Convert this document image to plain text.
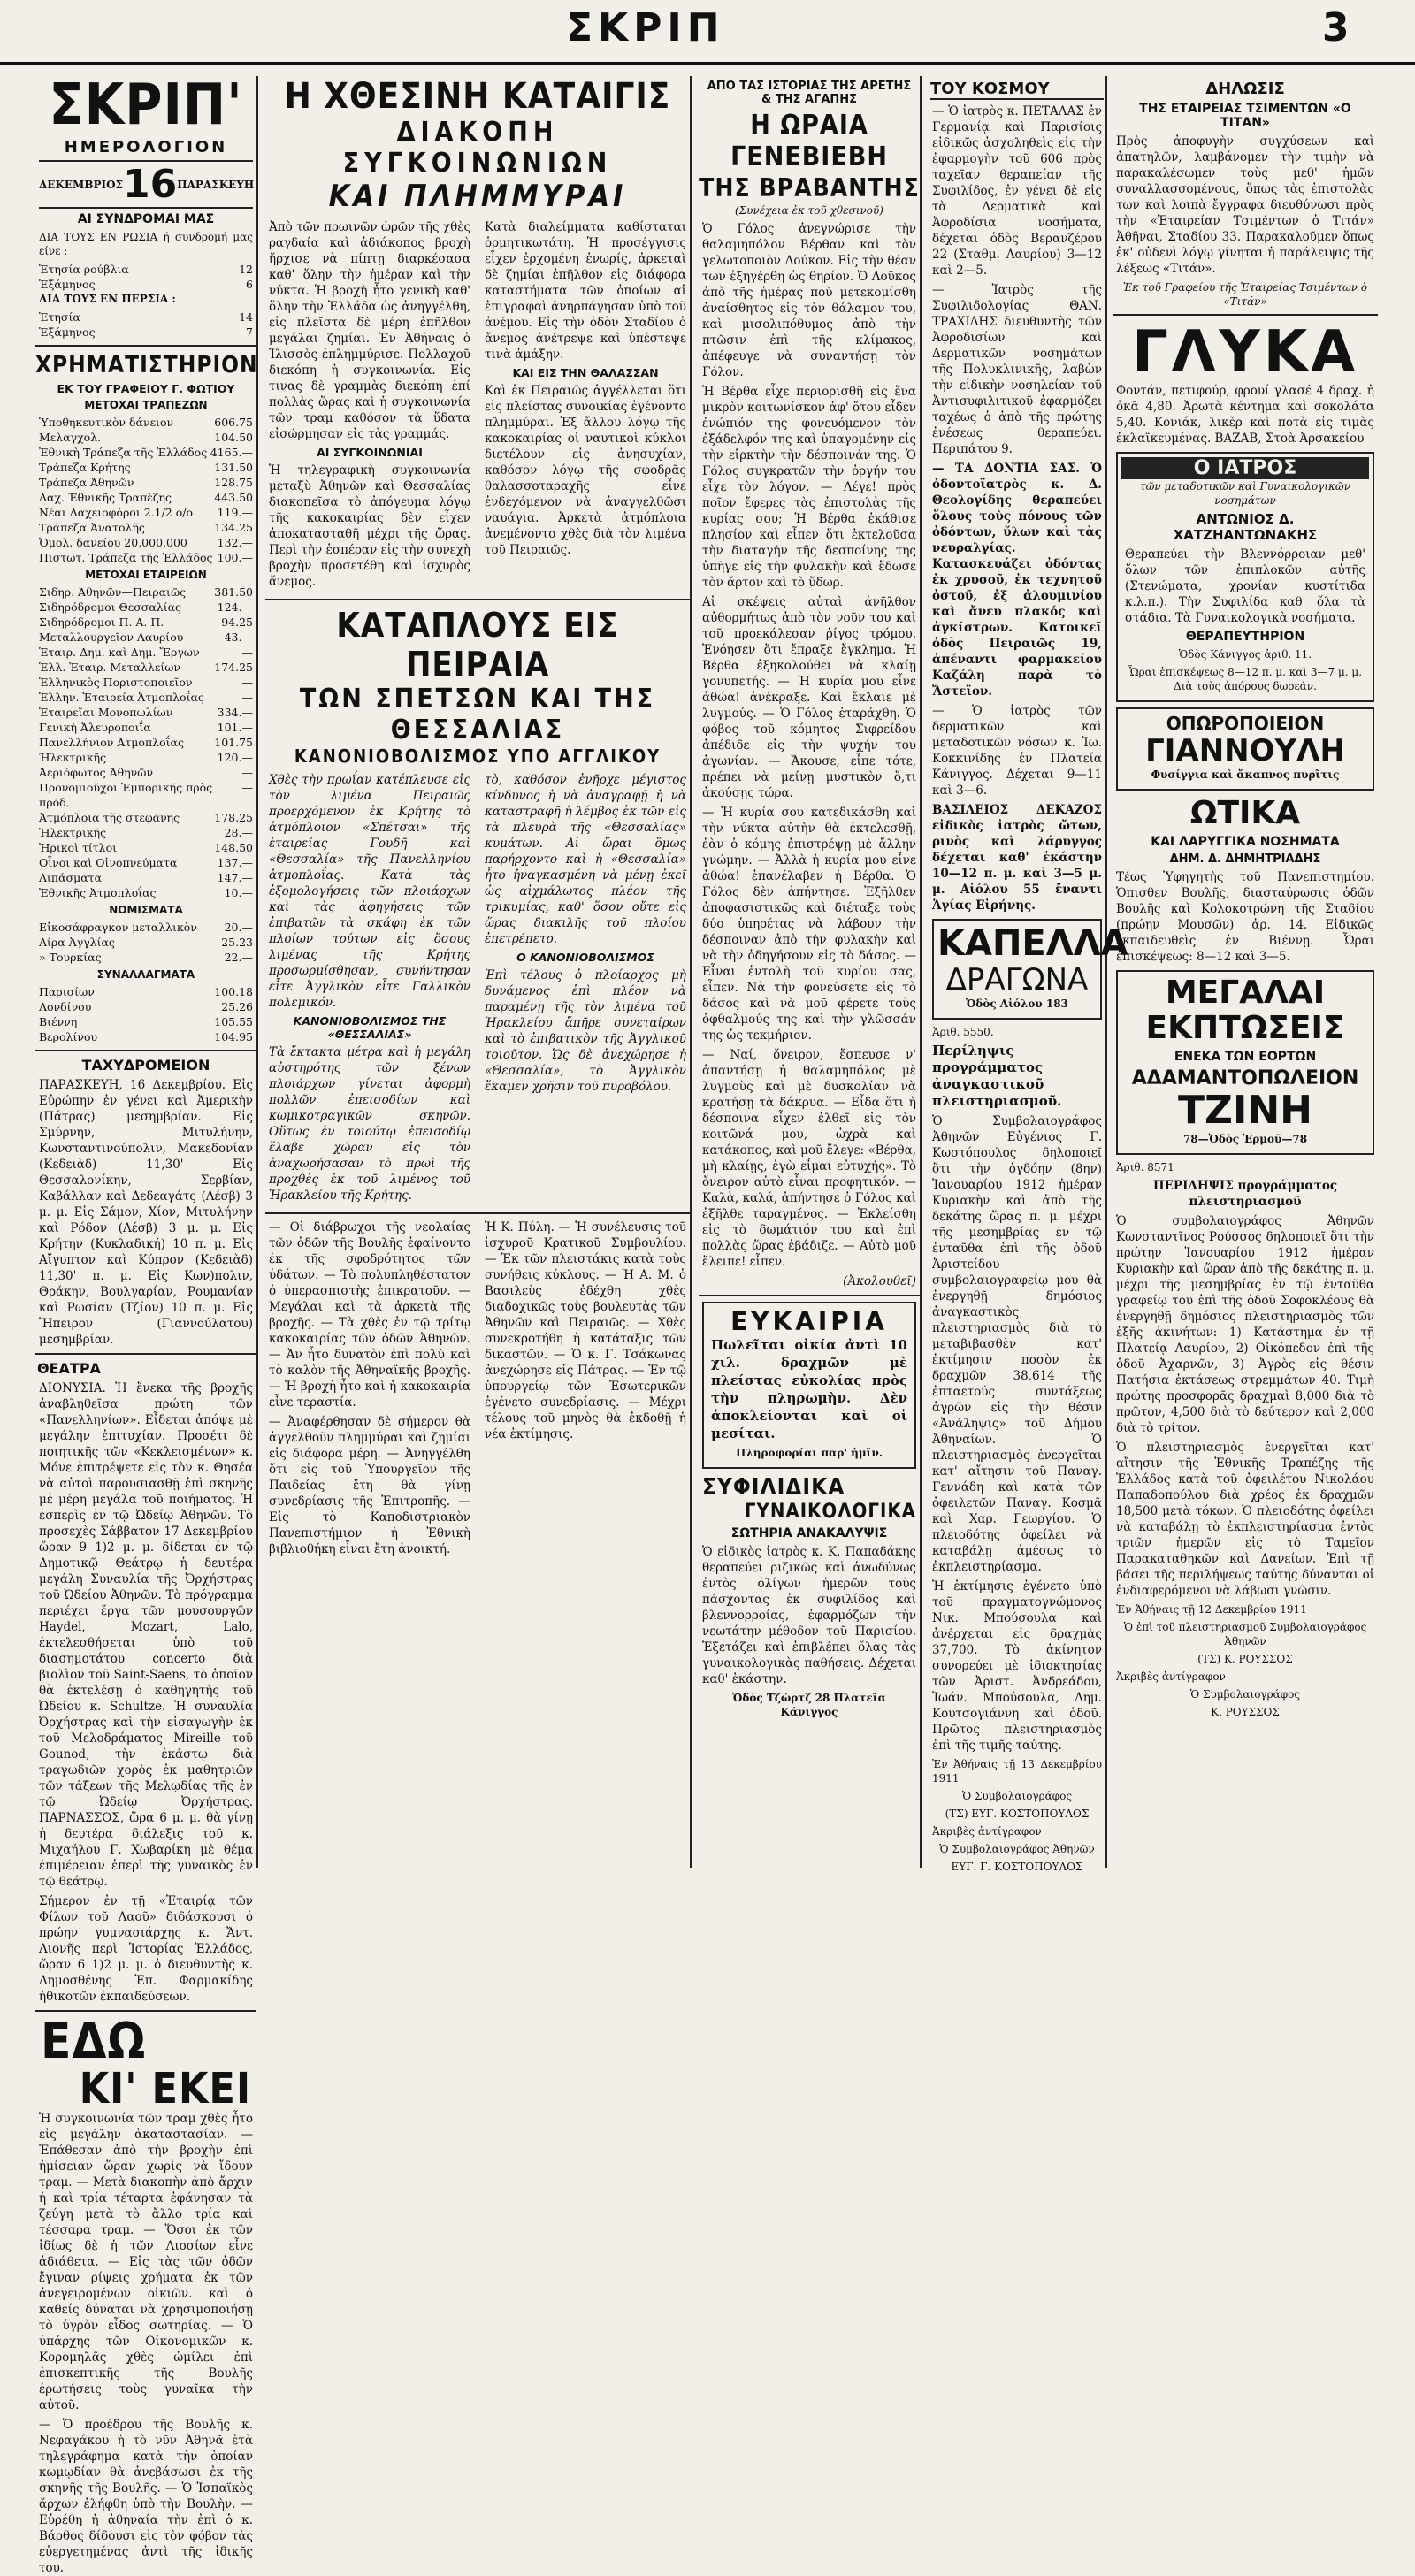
ΣΚΡΙΠ	3
ΣΚΡΙΠ'
ΗΜΕΡΟΛΟΓΙΟΝ
ΔΕΚΕΜΒΡΙΟΣ 16 ΠΑΡΑΣΚΕΥΗ
ΑΙ ΣΥΝΔΡΟΜΑΙ ΜΑΣ
ΔΙΑ ΤΟΥΣ ΕΝ ΡΩΣΙΑ ή συνδρομή μας είνε :
Ἑτησία ρούβλια	12
Ἑξάμηνος	6
ΔΙΑ ΤΟΥΣ ΕΝ ΠΕΡΣΙΑ :
Ἑτησία	14
Ἑξάμηνος	7
ΧΡΗΜΑΤΙΣΤΗΡΙΟΝ
ΕΚ ΤΟΥ ΓΡΑΦΕΙΟΥ Γ. ΦΩΤΙΟΥ
ΜΕΤΟΧΑΙ ΤΡΑΠΕΖΩΝ
Ὑποθηκευτικὸν δάνειον	606.75
Μελαγχολ.	104.50
Ἐθνικὴ Τράπεζα τῆς Ἑλλάδος 4165.—
Τράπεζα Κρήτης	131.50
Τράπεζα Ἀθηνῶν	128.75
Λαχ. Ἐθνικῆς Τραπέζης	443.50
Νέαι Λαχειοφόροι 2.1/2 ο/ο 119.—
Τράπεζα Ἀνατολῆς	134.25
Ὁμολ. δανείου 20,000,000	132.—
Πιστωτ. Τράπεζα τῆς Ἑλλάδος 100.—
ΜΕΤΟΧΑΙ ΕΤΑΙΡΕΙΩΝ
Σιδηρ. Ἀθηνῶν—Πειραιῶς	381.50
Σιδηρόδρομοι Θεσσαλίας	124.—
Σιδηρόδρομοι Π. Α. Π.	94.25
Μεταλλουργεῖον Λαυρίου	43.—
Ἑταιρ. Δημ. καὶ Δημ. Ἔργων	—
Ἑλλ. Ἑταιρ. Μεταλλείων	174.25
Ἑλληνικὸς Ποριστοποιεῖον	—
Ἑλλην. Ἑταιρεία Ἀτμοπλοΐας	—
Ἑταιρεῖαι Μονοπωλίων	334.—
Γενικὴ Ἀλευροποιΐα	101.—
Πανελλήνιον Ἀτμοπλοΐας	101.75
Ἠλεκτρικῆς	120.—
Ἀεριόφωτος Ἀθηνῶν	—
Προνομιοῦχοι Ἐμπορικῆς πρὸς πρόδ.
—
Ἀτμόπλοια τῆς στεφάνης	178.25
Ἠλεκτρικῆς	28.—
Ἠρικοὶ τίτλοι	148.50
Οἶνοι καὶ Οἰνοπνεύματα	137.—
Λιπάσματα	147.—
Ἐθνικῆς Ἀτμοπλοΐας	10.—
ΝΟΜΙΣΜΑΤΑ
Εἰκοσάφραγκον μεταλλικὸν 20.—
Λίρα Ἀγγλίας	25.23
» Τουρκίας	22.—
ΣΥΝΑΛΛΑΓΜΑΤΑ
Παρισίων	100.18
Λονδίνου	25.26
Βιέννη	105.55
Βερολίνου	104.95
ΤΑΧΥΔΡΟΜΕΙΟΝ
ΠΑΡΑΣΚΕΥΗ, 16 Δεκεμβρίου. Εἰς Εὐρώπην ἐν γένει καὶ Ἀμερικὴν (Πάτρας) μεσημβρίαν. Εἰς Σμύρνην, Μιτυλήνην, Κωνσταντινούπολιν, Μακεδονίαν (Κεδειὰδ) 11,30' Εἰς Θεσσαλονίκην, Σερβίαν, Καβάλλαν καὶ Δεδεαγάτς (Λέσβ) 3 μ. μ. Εἰς Σάμον, Χίον, Μιτυλήνην καὶ Ρόδον (Λέσβ) 3 μ. μ. Εἰς Κρήτην (Κυκλαδική) 10 π. μ. Εἰς Αἴγυπτον καὶ Κύπρον (Κεδειὰδ) 11,30' π. μ. Εἰς Κων)πολιν, Θράκην, Βουλγαρίαν, Ρουμανίαν καὶ Ρωσίαν (Τζίον) 10 π. μ. Εἰς Ἤπειρον (Γιαννούλατου) μεσημβρίαν.
ΘΕΑΤΡΑ
ΔΙΟΝΥΣΙΑ. Ἡ ἕνεκα τῆς βροχῆς ἀναβληθεῖσα πρώτη τῶν «Πανελληνίων». Εἶδεται ἀπόψε μὲ μεγάλην ἐπιτυχίαν. Προσέτι δὲ ποιητικῆς τῶν «Κεκλεισμένων» κ. Μόνε ἐπιτρέψετε εἰς τὸν κ. Θησέα νὰ αὐτοὶ παρουσιασθῇ ἐπὶ σκηνῆς μὲ μέρη μεγάλα τοῦ ποιήματος. Ἡ ἑσπερὶς ἐν τῷ Ὠδείῳ Ἀθηνῶν. Τὸ προσεχὲς Σάββατον 17 Δεκεμβρίου ὥραν 9 1)2 μ. μ. δίδεται ἐν τῷ Δημοτικῷ Θεάτρῳ ἡ δευτέρα μεγάλη Συναυλία τῆς Ὀρχήστρας τοῦ Ὠδείου Ἀθηνῶν. Τὸ πρόγραμμα περιέχει ἔργα τῶν μουσουργῶν Haydel, Mozart, Lalo, ἐκτελεσθήσεται ὑπὸ τοῦ διασημοτάτου concerto διὰ βιολὶον τοῦ Saint-Saens, τὸ ὁποῖον θὰ ἐκτελέσῃ ὁ καθηγητὴς τοῦ Ὠδείου κ. Schultze. Ἡ συναυλία Ὀρχήστρας καὶ τὴν εἰσαγωγὴν ἐκ τοῦ Μελοδράματος Mireille τοῦ Gounod, τὴν ἑκάστῳ διὰ τραγωδιῶν χορὸς ἐκ μαθητριῶν τῶν τάξεων τῆς Μελῳδίας τῆς ἐν τῷ Ὠδείῳ Ὀρχήστρας. ΠΑΡΝΑΣΣΟΣ, ὥρα 6 μ. μ. θὰ γίνῃ ἡ δευτέρα διάλεξις τοῦ κ. Μιχαήλου Γ. Χωβαρίκη μὲ θέμα ἐπιμέρειαν ἐπερὶ τῆς γυναικὸς ἐν τῷ θεάτρῳ.
Σήμερον ἐν τῇ «Ἑταιρίᾳ τῶν Φίλων τοῦ Λαοῦ» διδάσκουσι ὁ πρώην γυμνασιάρχης κ. Ἄντ. Λιονῆς περὶ Ἱστορίας Ἑλλάδος, ὥραν 6 1)2 μ. μ. ὁ διευθυντὴς κ. Δημοσθένης Ἐπ. Φαρμακίδης ἠθικοτῶν ἐκπαιδεύσεων.
ΕΔΩ
ΚΙ' ΕΚΕΙ
Ἡ συγκοινωνία τῶν τραμ χθὲς ἦτο εἰς μεγάλην ἀκαταστασίαν. — Ἐπάθεσαν ἀπὸ τὴν βροχὴν ἐπὶ ἡμίσειαν ὥραν χωρὶς νὰ ἴδουν τραμ. — Μετὰ διακοπὴν ἀπὸ ἄρχιν ἡ καὶ τρία τέταρτα ἐφάνησαν τὰ ζεύγη μετὰ τὸ ἄλλο τρία καὶ τέσσαρα τραμ. — Ὅσοι ἐκ τῶν ἰδίως δὲ ἡ τῶν Λιοσίων εἶνε ἀδιάθετα. — Εἰς τὰς τῶν ὁδῶν ἔγιναν ρίψεις χρήματα ἐκ τῶν ἀνεγειρομένων οἰκιῶν. καὶ ὁ καθείς δύναται νὰ χρησιμοποιήσῃ τὸ ὑγρὸν εἶδος σωτηρίας. — Ὁ ὑπάρχης τῶν Οἰκονομικῶν κ. Κορομηλᾶς χθὲς ὡμίλει ἐπὶ ἐπισκεπτικῆς τῆς Βουλῆς ἐρωτήσεις τοὺς γυναῖκα τὴν αὐτοῦ.
— Ὁ προέδρου τῆς Βουλῆς κ. Νεφαγάκου ἡ τὸ νῦν Ἀθηνᾶ ἐτὰ τηλεγράφημα κατὰ τὴν ὁποίαν κωμῳδίαν θὰ ἀνεβάσωσι ἐκ τῆς σκηνῆς τῆς Βουλῆς. — Ὁ Ἰσπαϊκὸς ἄρχων ἐλήφθη ὑπὸ τὴν Βουλὴν. — Εὑρέθη ἡ ἀθηναία τὴν ἐπὶ ὁ κ. Βάρθος δίδουσι εἰς τὸν φόβον τὰς εὐεργετημένας ἀντὶ τῆς ἰδικῆς του.
Η ΧΘΕΣΙΝΗ ΚΑΤΑΙΓΙΣ
ΔΙΑΚΟΠΗ ΣΥΓΚΟΙΝΩΝΙΩΝ
ΚΑΙ ΠΛΗΜΜΥΡΑΙ
Ἀπὸ τῶν πρωινῶν ὡρῶν τῆς χθὲς ραγδαία καὶ ἀδιάκοπος βροχὴ ἤρχισε νὰ πίπτῃ διαρκέσασα καθ' ὅλην τὴν ἡμέραν καὶ τὴν νύκτα. Ἡ βροχὴ ἦτο γενικὴ καθ' ὅλην τὴν Ἑλλάδα ὡς ἀνηγγέλθη, εἰς πλεῖστα δὲ μέρη ἐπῆλθον μεγάλαι ζημίαι. Ἐν Ἀθήναις ὁ Ἰλισσὸς ἐπλημμύρισε. Πολλαχοῦ διεκόπη ἡ συγκοινωνία. Εἰς τινας δὲ γραμμὰς διεκόπη ἐπί πολλὰς ὥρας καὶ ἡ συγκοινωνία τῶν τραμ καθόσον τὰ ὕδατα εἰσώρμησαν εἰς τὰς γραμμάς.
ΑΙ ΣΥΓΚΟΙΝΩΝΙΑΙ
Ἡ τηλεγραφικὴ συγκοινωνία μεταξὺ Ἀθηνῶν καὶ Θεσσαλίας διακοπεῖσα τὸ ἀπόγευμα λόγῳ τῆς κακοκαιρίας δὲν εἶχεν ἀποκατασταθῆ μέχρι τῆς ὥρας. Περὶ τὴν ἑσπέραν εἰς τὴν συνεχὴ βροχὴν προσετέθη καὶ ἰσχυρὸς ἄνεμος.
Κατὰ διαλείμματα καθίσταται ὁρμητικωτάτη. Ἡ προσέγγισις εἶχεν ἐρχομένη ἐνωρίς, ἀρκεταὶ δὲ ζημίαι ἐπῆλθον εἰς διάφορα καταστήματα τῶν ὁποίων αἱ ἐπιγραφαὶ ἀνηρπάγησαν ὑπὸ τοῦ ἀνέμου. Εἰς τὴν ὁδὸν Σταδίου ὁ ἄνεμος ἀνέτρεψε καὶ ὑπέστεψε τινὰ ἁμάξην.
ΚΑΙ ΕΙΣ ΤΗΝ ΘΑΛΑΣΣΑΝ
Καὶ ἐκ Πειραιῶς ἀγγέλλεται ὅτι εἰς πλείστας συνοικίας ἐγένοντο πλημμύραι. Ἐξ ἄλλου λόγῳ τῆς κακοκαιρίας οἱ ναυτικοὶ κύκλοι διετέλουν εἰς ἀνησυχίαν, καθόσον λόγῳ τῆς σφοδρᾶς θαλασσοταραχῆς εἶνε ἐνδεχόμενον νὰ ἀναγγελθῶσι ναυάγια. Ἀρκετὰ ἀτμόπλοια ἀνεμένοντο χθὲς διὰ τὸν λιμένα τοῦ Πειραιῶς.
ΚΑΤΑΠΛΟΥΣ ΕΙΣ ΠΕΙΡΑΙΑ
ΤΩΝ ΣΠΕΤΣΩΝ ΚΑΙ ΤΗΣ ΘΕΣΣΑΛΙΑΣ
ΚΑΝΟΝΙΟΒΟΛΙΣΜΟΣ ΥΠΟ ΑΓΓΛΙΚΟΥ
Χθὲς τὴν πρωΐαν κατέπλευσε εἰς τὸν λιμένα Πειραιῶς προερχόμενον ἐκ Κρήτης τὸ ἀτμόπλοιον «Σπέτσαι» τῆς ἑταιρείας Γουδῆ καὶ «Θεσσαλία» τῆς Πανελληνίου ἀτμοπλοΐας. Κατὰ τὰς ἐξομολογήσεις τῶν πλοιάρχων καὶ τὰς ἀφηγήσεις τῶν ἐπιβατῶν τὰ σκάφη ἐκ τῶν πλοίων τούτων εἰς ὅσους λιμένας τῆς Κρήτης προσωρμίσθησαν, συνήντησαν εἶτε Ἀγγλικὸν εἶτε Γαλλικὸν πολεμικόν.
ΚΑΝΟΝΙΟΒΟΛΙΣΜΟΣ ΤΗΣ «ΘΕΣΣΑΛΙΑΣ»
Τὰ ἔκτακτα μέτρα καὶ ἡ μεγάλη αὐστηρότης τῶν ξένων πλοιάρχων γίνεται ἀφορμὴ πολλῶν ἐπεισοδίων καὶ κωμικοτραγικῶν σκηνῶν. Οὕτως ἐν τοιούτῳ ἐπεισοδίῳ ἔλαβε χώραν εἰς τὸν ἀναχωρήσασαν τὸ πρωὶ τῆς προχθὲς ἐκ τοῦ λιμένος τοῦ Ἡρακλείου τῆς Κρήτης.
τὸ, καθόσον ἐνῆρχε μέγιστος κίνδυνος ἡ νὰ ἀναγραφῇ ἡ νὰ καταστραφῇ ἡ λέμβος ἐκ τῶν εἰς τὰ πλευρὰ τῆς «Θεσσαλίας» κυμάτων. Αἱ ὥραι ὅμως παρήρχοντο καὶ ἡ «Θεσσαλία» ἦτο ἠναγκασμένη νὰ μένῃ ἐκεῖ ὡς αἰχμάλωτος πλέον τῆς τρικυμίας, καθ' ὅσον οὔτε εἰς ὥρας διακιλῆς τοῦ πλοίου ἐπετρέπετο.
Ο ΚΑΝΟΝΙΟΒΟΛΙΣΜΟΣ
Ἐπὶ τέλους ὁ πλοίαρχος μὴ δυνάμενος ἐπὶ πλέον νὰ παραμένῃ τῆς τὸν λιμένα τοῦ Ἡρακλείου ἄπῆρε συνεταίρων καὶ τὸ ἐπιβατικὸν τῆς Ἀγγλικοῦ τοιοῦτον. Ὡς δὲ ἀνεχώρησε ἡ «Θεσσαλία», τὸ Ἀγγλικὸν ἔκαμεν χρῆσιν τοῦ πυροβόλου.
— Οἱ διάβρωχοι τῆς νεολαίας τῶν ὁδῶν τῆς Βουλῆς ἐφαίνοντο ἐκ τῆς σφοδρότητος τῶν ὑδάτων. — Τὸ πολυπληθέστατον ὁ ὑπερασπιστὴς ἐπικρατοῦν. — Μεγάλαι καὶ τὰ ἀρκετὰ τῆς βροχῆς. — Τὰ χθὲς ἐν τῷ τρίτῳ κακοκαιρίας τῶν ὁδῶν Ἀθηνῶν. — Ἀν ἦτο δυνατὸν ἐπὶ πολὺ καὶ τὸ καλὸν τῆς Ἀθηναϊκῆς βροχῆς. — Ἡ βροχὴ ἦτο καὶ ἡ κακοκαιρία εἶνε τεραστία.
— Ἀναφέρθησαν δὲ σήμερον θὰ ἀγγελθοῦν πλημμύραι καὶ ζημίαι εἰς διάφορα μέρη. — Ἀνηγγέλθη ὅτι εἰς τοῦ Ὑπουργεῖον τῆς Παιδείας ἔτη θὰ γίνῃ συνεδρίασις τῆς Ἐπιτροπῆς. — Εἰς τὸ Καποδιστριακὸν Πανεπιστήμιον ἡ Ἐθνικὴ βιβλιοθήκη εἶναι ἔτη ἀνοικτή.
Ἡ Κ. Πύλη. — Ἡ συνέλευσις τοῦ ἱσχυροῦ Κρατικοῦ Συμβουλίου. — Ἐκ τῶν πλειστάκις κατὰ τοὺς συνήθεις κύκλους. — Ἡ Α. Μ. ὁ Βασιλεὺς ἐδέχθη χθὲς διαδοχικῶς τοὺς βουλευτὰς τῶν Ἀθηνῶν καὶ Πειραιῶς. — Χθὲς συνεκροτήθη ἡ κατάταξις τῶν δικαστῶν. — Ὁ κ. Γ. Τσάκωνας ἀνεχώρησε εἰς Πάτρας. — Ἐν τῷ ὑπουργείῳ τῶν Ἐσωτερικῶν ἐγένετο συνεδρίασις. — Μέχρι τέλους τοῦ μηνὸς θὰ ἐκδοθῇ ἡ νέα ἐκτίμησις.
ΑΠΟ ΤΑΣ ΙΣΤΟΡΙΑΣ ΤΗΣ ΑΡΕΤΗΣ & ΤΗΣ ΑΓΑΠΗΣ
Η ΩΡΑΙΑ ΓΕΝΕΒΙΕΒΗ
ΤΗΣ ΒΡΑΒΑΝΤΗΣ
(Συνέχεια ἐκ τοῦ χθεσινοῦ)
Ὁ Γόλος ἀνεγνώρισε τὴν θαλαμηπόλον Βέρθαν καὶ τὸν γελωτοποιὸν Λούκον. Εἰς τὴν θέαν των ἐξηγέρθη ὡς θηρίον. Ὁ Λοῦκος ἀπὸ τῆς ἡμέρας ποὺ μετεκομίσθη ἀναίσθητος εἰς τὸν θάλαμον του, καὶ μισολιπόθυμος ἀπὸ τὴν πτῶσιν ἐπὶ τῆς κλίμακος, ἀπέφευγε νὰ συναντήσῃ τὸν Γόλον.
Ἡ Βέρθα εἶχε περιορισθῆ εἰς ἕνα μικρὸν κοιτωνίσκον ἀφ' ὅτου εἶδεν ἐνώπιόν της φονευόμενον τὸν ἐξάδελφόν της καὶ ὑπαγομένην εἰς τὴν εἱρκτὴν τὴν δέσποινάν της. Ὁ Γόλος συγκρατῶν τὴν ὀργήν του εἶχε τὸν λόγον. — Λέγε! πρὸς ποῖον ἔφερες τὰς ἐπιστολὰς τῆς κυρίας σου; Ἡ Βέρθα ἐκάθισε πλησίον καὶ εἶπεν ὅτι ἐκτελοῦσα τὴν διαταγὴν τῆς δεσποίνης της ὑπῆγε εἰς τὴν φυλακὴν καὶ ἔδωσε τὸν ἄρτον καὶ τὸ ὕδωρ.
Αἱ σκέψεις αὐταὶ ἀνῆλθον αὐθορμήτως ἀπὸ τὸν νοῦν του καὶ τοῦ προεκάλεσαν ῥίγος τρόμου. Ἐνόησεν ὅτι ἔπραξε ἔγκλημα. Ἡ Βέρθα ἐξηκολούθει νὰ κλαίῃ γονυπετής. — Ἡ κυρία μου εἶνε ἀθώα! ἀνέκραξε. Καὶ ἔκλαιε μὲ λυγμούς. — Ὁ Γόλος ἐταράχθη. Ὁ φόβος τοῦ κόμητος Σιφρείδου ἀπέδιδε εἰς τὴν ψυχήν του ἀγωνίαν. — Ἄκουσε, εἶπε τότε, πρέπει νὰ μείνῃ μυστικὸν ὅ,τι ἀκούσῃς τώρα.
— Ἡ κυρία σου κατεδικάσθη καὶ τὴν νύκτα αὐτὴν θὰ ἐκτελεσθῇ, ἐὰν ὁ κόμης ἐπιστρέψῃ μὲ ἄλλην γνώμην. — Ἀλλὰ ἡ κυρία μου εἶνε ἀθώα! ἐπανέλαβεν ἡ Βέρθα. Ὁ Γόλος δὲν ἀπήντησε. Ἐξῆλθεν ἀποφασιστικῶς καὶ διέταξε τοὺς δύο ὑπηρέτας νὰ λάβουν τὴν δέσποιναν ἀπὸ τὴν φυλακὴν καὶ νὰ τὴν ὁδηγήσουν εἰς τὸ δάσος. — Εἶναι ἐντολὴ τοῦ κυρίου σας, εἶπεν. Νὰ τὴν φονεύσετε εἰς τὸ δάσος καὶ νὰ μοῦ φέρετε τοὺς ὀφθαλμούς της καὶ τὴν γλῶσσάν της ὡς τεκμήριον.
— Ναί, ὄνειρον, ἔσπευσε ν' ἀπαντήσῃ ἡ θαλαμηπόλος μὲ λυγμοὺς καὶ μὲ δυσκολίαν νὰ κρατήσῃ τὰ δάκρυα. — Εἶδα ὅτι ἡ δέσποινα εἶχεν ἐλθεῖ εἰς τὸν κοιτῶνά μου, ὡχρὰ καὶ κατάκοπος, καὶ μοῦ ἔλεγε: «Βέρθα, μὴ κλαίῃς, ἐγὼ εἶμαι εὐτυχής». Τὸ ὄνειρον αὐτὸ εἶναι προφητικόν. — Καλὰ, καλά, ἀπήντησε ὁ Γόλος καὶ ἐξῆλθε ταραγμένος. — Ἐκλείσθη εἰς τὸ δωμάτιόν του καὶ ἐπὶ πολλὰς ὥρας ἐβάδιζε. — Αὐτὸ μοῦ ἔλειπε! εἶπεν.
(Ἀκολουθεῖ)
ΕΥΚΑΙΡΙΑ
Πωλεῖται οἰκία ἀντὶ 10 χιλ. δραχμῶν μὲ πλείστας εὐκολίας πρὸς τὴν πληρωμὴν. Δὲν ἀποκλείονται καὶ οἱ μεσίται.
Πληροφορίαι παρ' ἡμῖν.
ΣΥΦΙΛΙΔΙΚΑ
ΓΥΝΑΙΚΟΛΟΓΙΚΑ
ΣΩΤΗΡΙΑ ΑΝΑΚΑΛΥΨΙΣ
Ὁ εἰδικὸς ἰατρὸς κ. Κ. Παπαδάκης θεραπεύει ριζικῶς καὶ ἀνωδύνως ἐντὸς ὀλίγων ἡμερῶν τοὺς πάσχοντας ἐκ συφιλίδος καὶ βλεννορροίας, ἐφαρμόζων τὴν νεωτάτην μέθοδον τοῦ Παρισίου. Ἐξετάζει καὶ ἐπιβλέπει ὅλας τὰς γυναικολογικὰς παθήσεις. Δέχεται καθ' ἑκάστην.
Ὁδὸς Τζώρτζ 28 Πλατεῖα Κάνιγγος
ΤΟΥ ΚΟΣΜΟΥ
— Ὁ ἰατρὸς κ. ΠΕΤΑΛΑΣ ἐν Γερμανίᾳ καὶ Παρισίοις εἰδικῶς ἀσχοληθεὶς εἰς τὴν ἐφαρμογὴν τοῦ 606 πρὸς ταχεῖαν θεραπείαν τῆς Συφιλίδος, ἐν γένει δὲ εἰς τὰ Δερματικὰ καὶ Ἀφροδίσια νοσήματα, δέχεται ὁδὸς Βερανζέρου 22 (Σταθμ. Λαυρίου) 3—12 καὶ 2—5.
— Ἰατρὸς τῆς Συφιλιδολογίας ΘΑΝ. ΤΡΑΧΙΛΗΣ διευθυντὴς τῶν Ἀφροδισίων καὶ Δερματικῶν νοσημάτων τῆς Πολυκλινικῆς, λαβὼν τὴν εἰδικὴν νοσηλείαν τοῦ Ἀντισυφιλιτικοῦ ἐφαρμόζει ταχέως ὁ ἀπὸ τῆς πρώτης ἐνέσεως θεραπεύει. Περιπάτου 9.
— ΤΑ ΔΟΝΤΙΑ ΣΑΣ. Ὁ ὀδοντοϊατρὸς κ. Δ. Θεολογίδης θεραπεύει ὅλους τοὺς πόνους τῶν ὀδόντων, ὕλων καὶ τὰς νευραλγίας. Κατασκευάζει ὀδόντας ἐκ χρυσοῦ, ἐκ τεχνητοῦ ὀστοῦ, ἐξ ἀλουμινίου καὶ ἄνευ πλακός καὶ ἀγκίστρων. Κατοικεῖ ὁδὸς Πειραιῶς 19, ἀπέναντι φαρμακείου Καζάλη παρὰ τὸ Ἄστεϊον.
— Ὁ ἰατρὸς τῶν δερματικῶν καὶ μεταδοτικῶν νόσων κ. Ἰω. Κοκκινίδης ἐν Πλατεία Κάνιγγος. Δέχεται 9—11 καὶ 3—6.
ΒΑΣΙΛΕΙΟΣ ΔΕΚΑΖΟΣ εἰδικὸς ἰατρὸς ὤτων, ρινὸς καὶ λάρυγγος δέχεται καθ' ἑκάστην 10—12 π. μ. καὶ 3—5 μ. μ. Αἰόλου 55 ἔναντι Ἁγίας Εἰρήνης.
ΚΑΠΕΛΛΑ
ΔΡΑΓΩΝΑ
Ὁδὸς Αἰόλου 183
Ἀριθ. 5550.
Περίληψις προγράμματος ἀναγκαστικοῦ πλειστηριασμοῦ.
Ὁ Συμβολαιογράφος Ἀθηνῶν Εὐγένιος Γ. Κωστόπουλος δηλοποιεῖ ὅτι τὴν ὀγδόην (8ην) Ἰανουαρίου 1912 ἡμέραν Κυριακὴν καὶ ἀπὸ τῆς δεκάτης ὥρας π. μ. μέχρι τῆς μεσημβρίας ἐν τῷ ἐνταῦθα ἐπὶ τῆς ὁδοῦ Ἀριστείδου συμβολαιογραφείῳ μου θὰ ἐνεργηθῇ δημόσιος ἀναγκαστικὸς πλειστηριασμὸς διὰ τὸ μεταβιβασθὲν κατ' ἐκτίμησιν ποσὸν ἐκ δραχμῶν 38,614 τῆς ἐπταετούς συντάξεως ἀγρῶν εἰς τὴν θέσιν «Ἀνάληψις» τοῦ Δήμου Ἀθηναίων. Ὁ πλειστηριασμὸς ἐνεργεῖται κατ' αἴτησιν τοῦ Παναγ. Γεννάδη καὶ κατὰ τῶν ὀφειλετῶν Παναγ. Κοσμᾶ καὶ Χαρ. Γεωργίου. Ὁ πλειοδότης ὀφείλει νὰ καταβάλῃ ἀμέσως τὸ ἐκπλειστηρίασμα.
Ἡ ἐκτίμησις ἐγένετο ὑπὸ τοῦ πραγματογνώμονος Νικ. Μπούσουλα καὶ ἀνέρχεται εἰς δραχμὰς 37,700. Τὸ ἀκίνητον συνορεύει μὲ ἰδιοκτησίας τῶν Ἀριστ. Ἀνδρεάδου, Ἰωάν. Μπούσουλα, Δημ. Κουτσογιάννη καὶ ὁδοῦ. Πρῶτος πλειστηριασμὸς ἐπὶ τῆς τιμῆς ταύτης.
Ἐν Ἀθήναις τῇ 13 Δεκεμβρίου 1911
Ὁ Συμβολαιογράφος
(ΤΣ) ΕΥΓ. ΚΟΣΤΟΠΟΥΛΟΣ
Ἀκριβὲς ἀντίγραφον
Ὁ Συμβολαιογράφος Ἀθηνῶν
ΕΥΓ. Γ. ΚΟΣΤΟΠΟΥΛΟΣ
ΔΗΛΩΣΙΣ
ΤΗΣ ΕΤΑΙΡΕΙΑΣ ΤΣΙΜΕΝΤΩΝ «Ο ΤΙΤΑΝ»
Πρὸς ἀποφυγὴν συγχύσεων καὶ ἀπατηλῶν, λαμβάνομεν τὴν τιμὴν νὰ παρακαλέσωμεν τοὺς μεθ' ἡμῶν συναλλασσομένους, ὅπως τὰς ἐπιστολὰς των καὶ λοιπὰ ἔγγραφα διευθύνωσι πρὸς τὴν «Ἑταιρείαν Τσιμέντων ὁ Τιτάν» Ἀθῆναι, Σταδίου 33. Παρακαλοῦμεν ὅπως ἐκ' οὐδενὶ λόγῳ γίνηται ἡ παράλειψις τῆς λέξεως «Τιτάν».
Ἐκ τοῦ Γραφείου τῆς Ἑταιρείας Τσιμέντων ὁ «Τιτάν»
ΓΛΥΚΑ
Φοντάν, πετιφούρ, φρουί γλασέ 4 δραχ. ἡ ὀκᾶ 4,80. Ἀρωτὰ κέντημα καὶ σοκολάτα 5,40. Κονιάκ, λικὲρ καὶ ποτὰ εἰς τιμὰς ἐκλαϊκευμένας. ΒΑΖΑΒ, Στοὰ Ἀρσακείου
Ο ΙΑΤΡΟΣ
τῶν μεταδοτικῶν καὶ Γυναικολογικῶν νοσημάτων
ΑΝΤΩΝΙΟΣ Δ. ΧΑΤΖΗΑΝΤΩΝΑΚΗΣ
Θεραπεύει τὴν Βλεννόρροιαν μεθ' ὅλων τῶν ἐπιπλοκῶν αὐτῆς (Στενώματα, χρονίαν κυστίτιδα κ.λ.π.). Τὴν Συφιλίδα καθ' ὅλα τὰ στάδια. Τὰ Γυναικολογικὰ νοσήματα.
ΘΕΡΑΠΕΥΤΗΡΙΟΝ
Ὁδὸς Κάνιγγος ἀριθ. 11.
Ὧραι ἐπισκέψεως 8—12 π. μ. καὶ 3—7 μ. μ. Διὰ τοὺς ἀπόρους δωρεάν.
ΟΠΩΡΟΠΟΙΕΙΟΝ
ΓΙΑΝΝΟΥΛΗ
Φυσίγγια καὶ ἄκαπνος πυρῖτις
ΩΤΙΚΑ
ΚΑΙ ΛΑΡΥΓΓΙΚΑ ΝΟΣΗΜΑΤΑ
ΔΗΜ. Δ. ΔΗΜΗΤΡΙΑΔΗΣ
Τέως Ὑφηγητὴς τοῦ Πανεπιστημίου. Ὁπισθεν Βουλῆς, διασταύρωσις ὁδῶν Βουλῆς καὶ Κολοκοτρώνη τῆς Σταδίου (πρώην Μουσῶν) ἀρ. 14. Εἰδικῶς ἐκπαιδευθεὶς ἐν Βιέννῃ. Ὧραι ἐπισκέψεως: 8—12 καὶ 3—5.
ΜΕΓΑΛΑΙ
ΕΚΠΤΩΣΕΙΣ
ΕΝΕΚΑ ΤΩΝ ΕΟΡΤΩΝ
ΑΔΑΜΑΝΤΟΠΩΛΕΙΟΝ
ΤΖΙΝΗ
78—Ὁδὸς Ἑρμοῦ—78
Ἀριθ. 8571
ΠΕΡΙΛΗΨΙΣ προγράμματος πλειστηριασμοῦ
Ὁ συμβολαιογράφος Ἀθηνῶν Κωνσταντῖνος Ρούσσος δηλοποιεῖ ὅτι τὴν πρώτην Ἰανουαρίου 1912 ἡμέραν Κυριακὴν καὶ ὥραν ἀπὸ τῆς δεκάτης π. μ. μέχρι τῆς μεσημβρίας ἐν τῷ ἐνταῦθα γραφείῳ του ἐπὶ τῆς ὁδοῦ Σοφοκλέους θὰ ἐνεργηθῇ δημόσιος πλειστηριασμὸς τῶν ἑξῆς ἀκινήτων: 1) Κατάστημα ἐν τῇ Πλατείᾳ Λαυρίου, 2) Οἰκόπεδον ἐπὶ τῆς ὁδοῦ Ἀχαρνῶν, 3) Ἀγρὸς εἰς θέσιν Πατήσια ἐκτάσεως στρεμμάτων 40. Τιμὴ πρώτης προσφορᾶς δραχμαὶ 8,000 διὰ τὸ πρῶτον, 4,500 διὰ τὸ δεύτερον καὶ 2,000 διὰ τὸ τρίτον.
Ὁ πλειστηριασμὸς ἐνεργεῖται κατ' αἴτησιν τῆς Ἐθνικῆς Τραπέζης τῆς Ἑλλάδος κατὰ τοῦ ὀφειλέτου Νικολάου Παπαδοπούλου διὰ χρέος ἐκ δραχμῶν 18,500 μετὰ τόκων. Ὁ πλειοδότης ὀφείλει νὰ καταβάλῃ τὸ ἐκπλειστηρίασμα ἐντὸς τριῶν ἡμερῶν εἰς τὸ Ταμεῖον Παρακαταθηκῶν καὶ Δανείων. Ἐπὶ τῇ βάσει τῆς περιλήψεως ταύτης δύνανται οἱ ἐνδιαφερόμενοι νὰ λάβωσι γνῶσιν.
Ἐν Ἀθήναις τῇ 12 Δεκεμβρίου 1911
Ὁ ἐπὶ τοῦ πλειστηριασμοῦ Συμβολαιογράφος Ἀθηνῶν
(ΤΣ) Κ. ΡΟΥΣΣΟΣ
Ἀκριβὲς ἀντίγραφον
Ὁ Συμβολαιογράφος
Κ. ΡΟΥΣΣΟΣ
